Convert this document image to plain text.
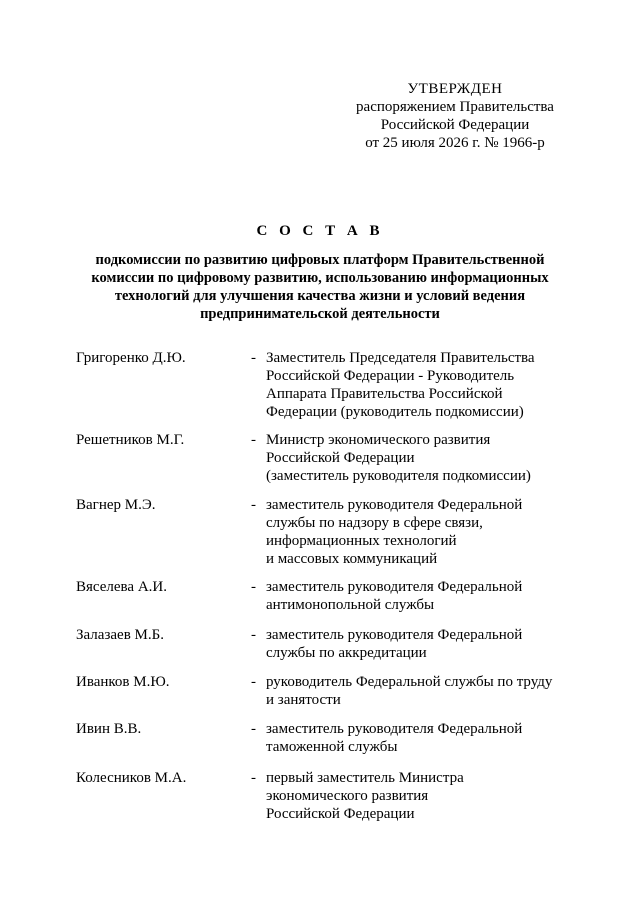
УТВЕРЖДЕН
распоряжением Правительства
Российской Федерации
от 25 июля 2026 г. № 1966-р
С О С Т А В
подкомиссии по развитию цифровых платформ Правительственной
комиссии по цифровому развитию, использованию информационных
технологий для улучшения качества жизни и условий ведения
предпринимательской деятельности
Григоренко Д.Ю.	- Заместитель Председателя Правительства
Российской Федерации - Руководитель
Аппарата Правительства Российской
Федерации (руководитель подкомиссии)
Решетников М.Г.	- Министр экономического развития
Российской Федерации
(заместитель руководителя подкомиссии)
Вагнер М.Э.	- заместитель руководителя Федеральной
службы по надзору в сфере связи,
информационных технологий
и массовых коммуникаций
Вяселева А.И.	- заместитель руководителя Федеральной
антимонопольной службы
Залазаев М.Б.	- заместитель руководителя Федеральной
службы по аккредитации
Иванков М.Ю.	- руководитель Федеральной службы по труду
и занятости
Ивин В.В.	- заместитель руководителя Федеральной
таможенной службы
Колесников М.А.	- первый заместитель Министра
экономического развития
Российской Федерации
